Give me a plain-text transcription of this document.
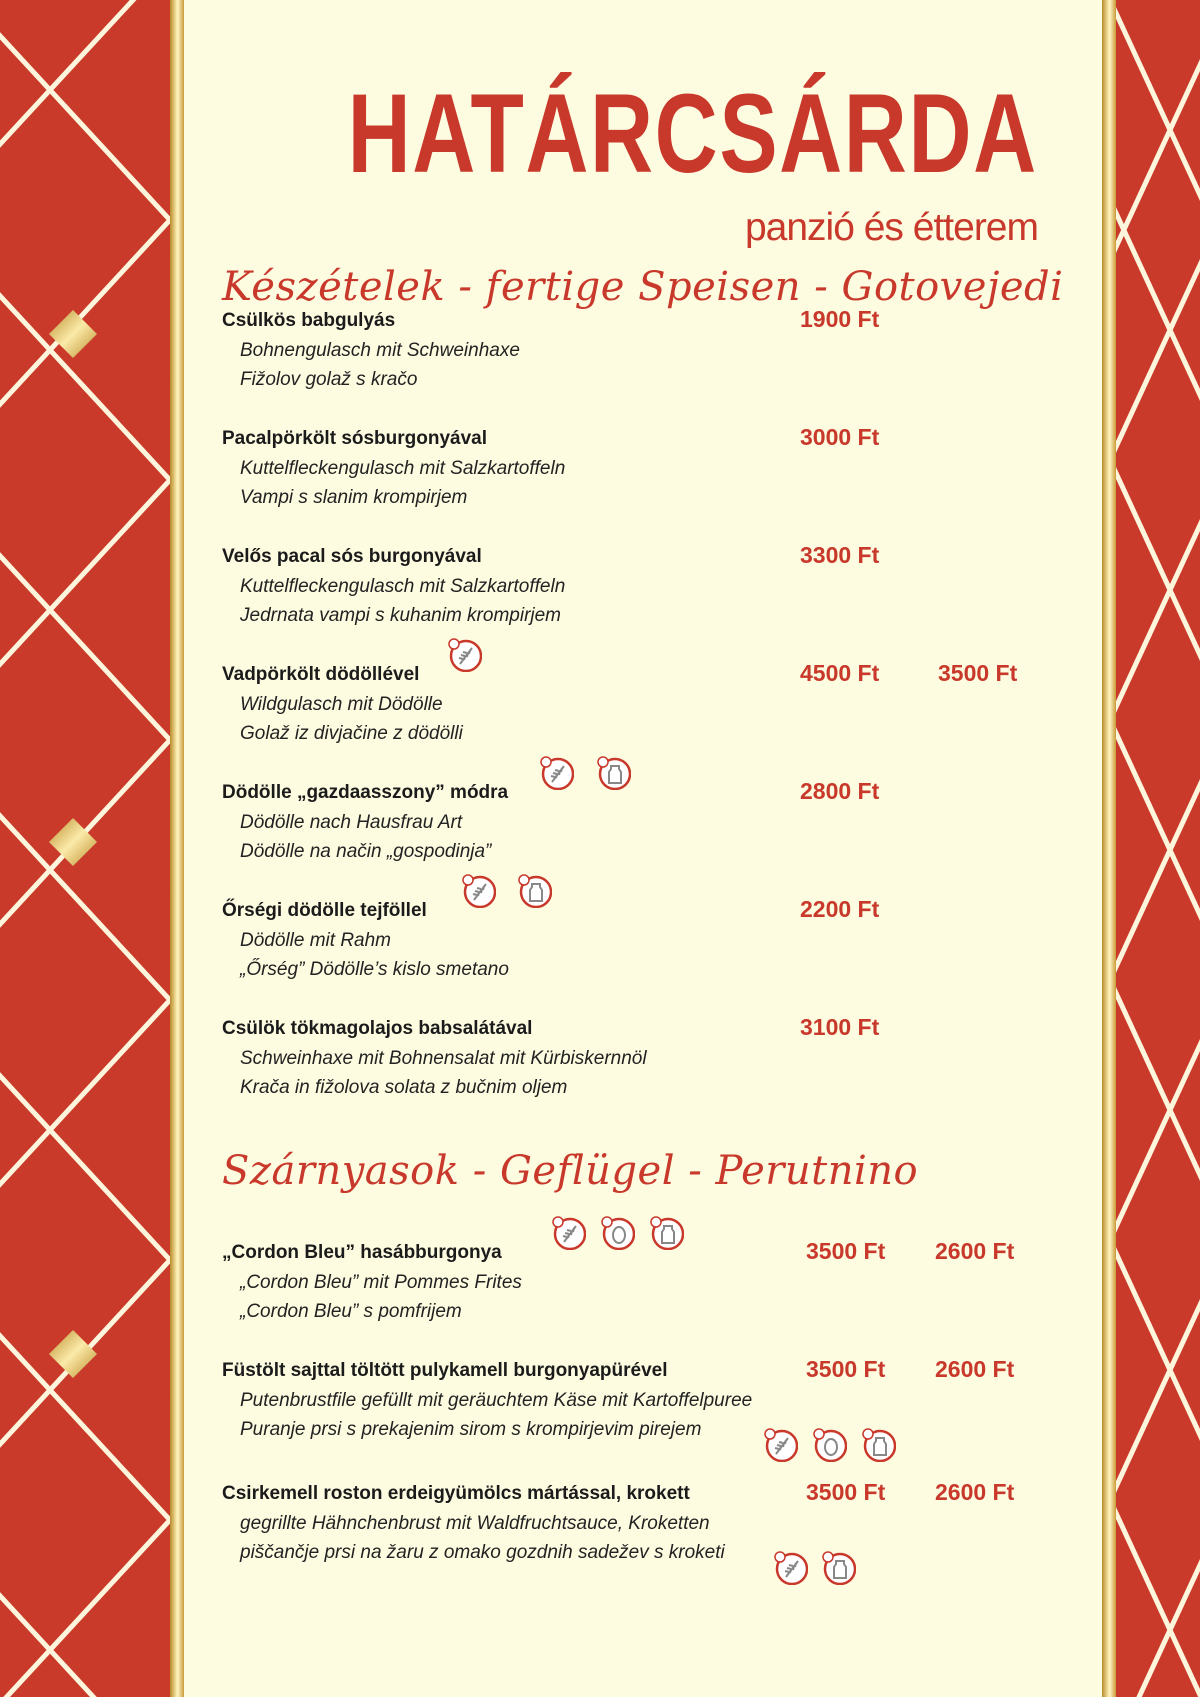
HATÁRCSÁRDA
panzió és étterem
Készételek - fertige Speisen - Gotovejedi
Csülkös babgulyás
Bohnengulasch mit Schweinhaxe
Fižolov golaž s kračo
1900 Ft
Pacalpörkölt sósburgonyával
Kuttelfleckengulasch mit Salzkartoffeln
Vampi s slanim krompirjem
3000 Ft
Velős pacal sós burgonyával
Kuttelfleckengulasch mit Salzkartoffeln
Jedrnata vampi s kuhanim krompirjem
3300 Ft
Vadpörkölt dödöllével
Wildgulasch mit Dödölle
Golaž iz divjačine z dödölli
4500 Ft	3500 Ft
Dödölle „gazdaasszony” módra
Dödölle nach Hausfrau Art
Dödölle na način „gospodinja”
2800 Ft
Őrségi dödölle tejföllel
Dödölle mit Rahm
„Őrség” Dödölle’s kislo smetano
2200 Ft
Csülök tökmagolajos babsalátával
Schweinhaxe mit Bohnensalat mit Kürbiskernnöl
Krača in fižolova solata z bučnim oljem
3100 Ft
Szárnyasok - Geflügel - Perutnino
„Cordon Bleu” hasábburgonya
„Cordon Bleu” mit Pommes Frites
„Cordon Bleu” s pomfrijem
3500 Ft 2600 Ft
Füstölt sajttal töltött pulykamell burgonyapürével
Putenbrustfile gefüllt mit geräuchtem Käse mit Kartoffelpuree
Puranje prsi s prekajenim sirom s krompirjevim pirejem
3500 Ft 2600 Ft
Csirkemell roston erdeigyümölcs mártással, krokett
gegrillte Hähnchenbrust mit Waldfruchtsauce, Kroketten
piščančje prsi na žaru z omako gozdnih sadežev s kroketi
3500 Ft 2600 Ft
